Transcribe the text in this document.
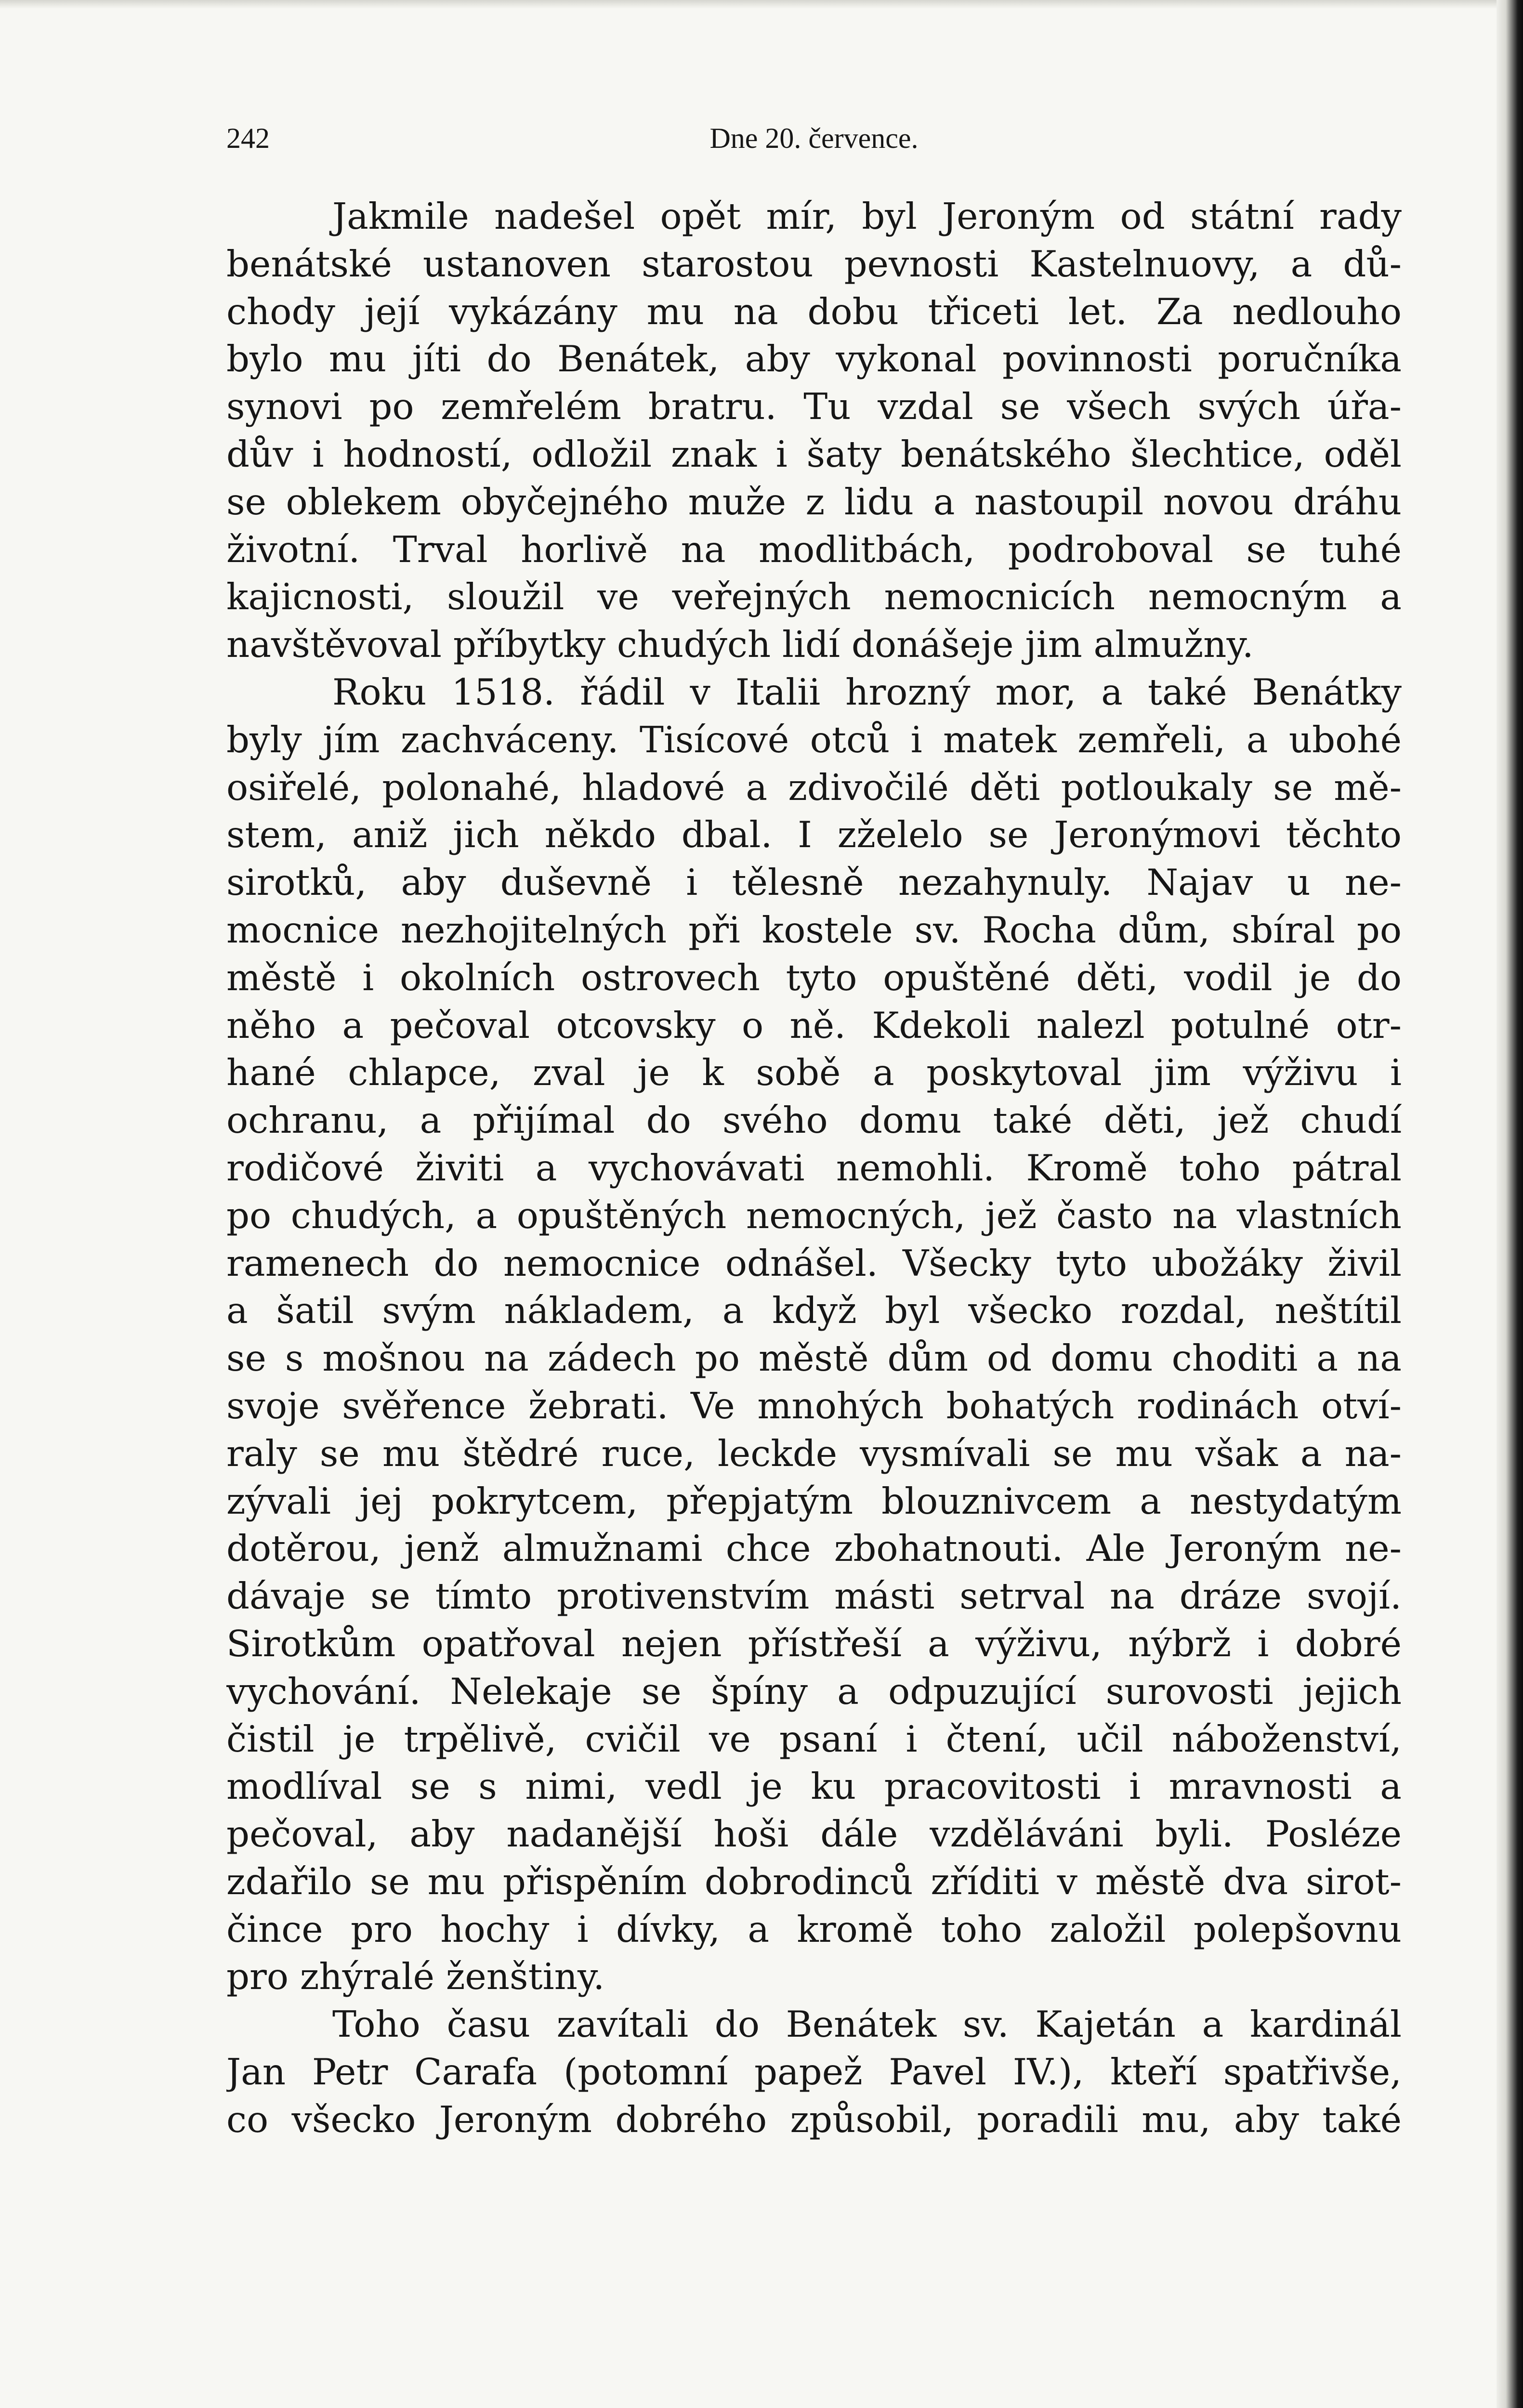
242	Dne 20. července.
Jakmile nadešel opět mír, byl Jeroným od státní rady
benátské ustanoven starostou pevnosti Kastelnuovy, a dů-
chody její vykázány mu na dobu třiceti let. Za nedlouho
bylo mu jíti do Benátek, aby vykonal povinnosti poručníka
synovi po zemřelém bratru. Tu vzdal se všech svých úřa-
dův i hodností, odložil znak i šaty benátského šlechtice, oděl
se oblekem obyčejného muže z lidu a nastoupil novou dráhu
životní. Trval horlivě na modlitbách, podroboval se tuhé
kajicnosti, sloužil ve veřejných nemocnicích nemocným a
navštěvoval příbytky chudých lidí donášeje jim almužny.
Roku 1518. řádil v Italii hrozný mor, a také Benátky
byly jím zachváceny. Tisícové otců i matek zemřeli, a ubohé
osiřelé, polonahé, hladové a zdivočilé děti potloukaly se mě-
stem, aniž jich někdo dbal. I zželelo se Jeronýmovi těchto
sirotků, aby duševně i tělesně nezahynuly. Najav u ne-
mocnice nezhojitelných při kostele sv. Rocha dům, sbíral po
městě i okolních ostrovech tyto opuštěné děti, vodil je do
něho a pečoval otcovsky o ně. Kdekoli nalezl potulné otr-
hané chlapce, zval je k sobě a poskytoval jim výživu i
ochranu, a přijímal do svého domu také děti, jež chudí
rodičové živiti a vychovávati nemohli. Kromě toho pátral
po chudých, a opuštěných nemocných, jež často na vlastních
ramenech do nemocnice odnášel. Všecky tyto ubožáky živil
a šatil svým nákladem, a když byl všecko rozdal, neštítil
se s mošnou na zádech po městě dům od domu choditi a na
svoje svěřence žebrati. Ve mnohých bohatých rodinách otví-
raly se mu štědré ruce, leckde vysmívali se mu však a na-
zývali jej pokrytcem, přepjatým blouznivcem a nestydatým
dotěrou, jenž almužnami chce zbohatnouti. Ale Jeroným ne-
dávaje se tímto protivenstvím másti setrval na dráze svojí.
Sirotkům opatřoval nejen přístřeší a výživu, nýbrž i dobré
vychování. Nelekaje se špíny a odpuzující surovosti jejich
čistil je trpělivě, cvičil ve psaní i čtení, učil náboženství,
modlíval se s nimi, vedl je ku pracovitosti i mravnosti a
pečoval, aby nadanější hoši dále vzděláváni byli. Posléze
zdařilo se mu přispěním dobrodinců zříditi v městě dva sirot-
čince pro hochy i dívky, a kromě toho založil polepšovnu
pro zhýralé ženštiny.
Toho času zavítali do Benátek sv. Kajetán a kardinál
Jan Petr Carafa (potomní papež Pavel IV.), kteří spatřivše,
co všecko Jeroným dobrého způsobil, poradili mu, aby také
